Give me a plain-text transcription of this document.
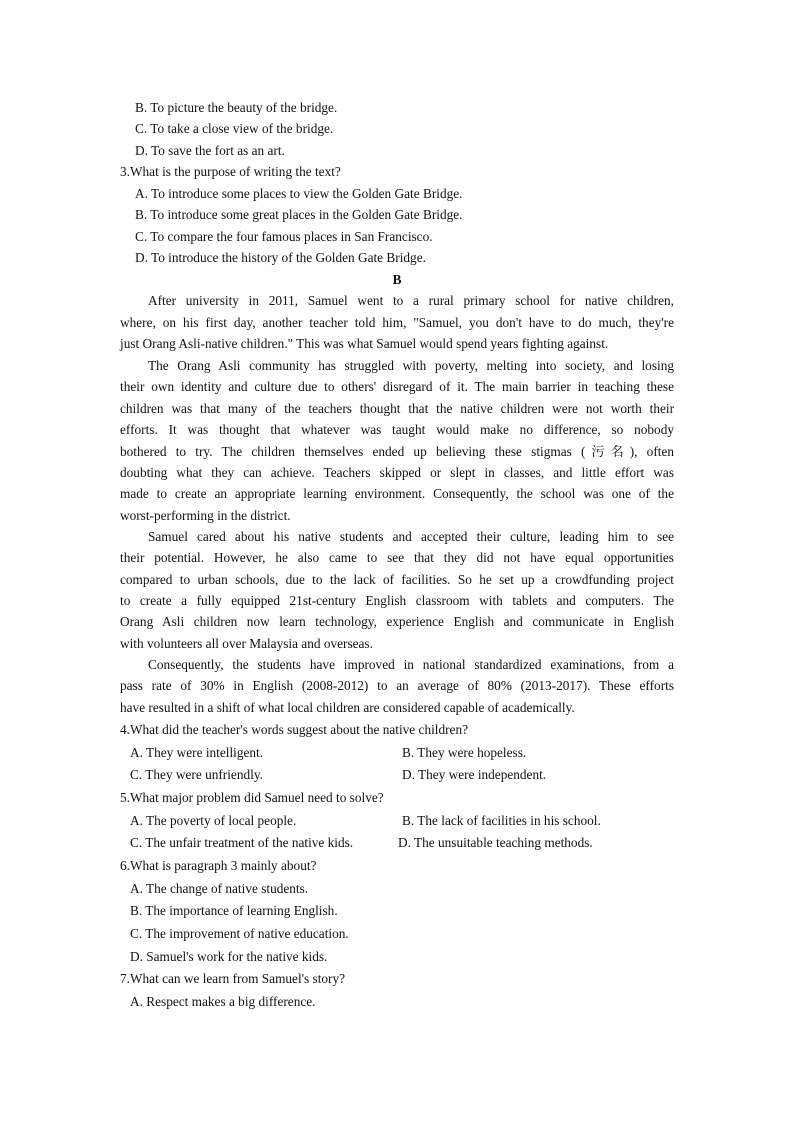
B. To picture the beauty of the bridge.
C. To take a close view of the bridge.
D. To save the fort as an art.
3.What is the purpose of writing the text?
A. To introduce some places to view the Golden Gate Bridge.
B. To introduce some great places in the Golden Gate Bridge.
C. To compare the four famous places in San Francisco.
D. To introduce the history of the Golden Gate Bridge.
B
After university in 2011, Samuel went to a rural primary school for native children,
where, on his first day, another teacher told him, "Samuel, you don't have to do much, they're
just Orang Asli-native children." This was what Samuel would spend years fighting against.
The Orang Asli community has struggled with poverty, melting into society, and losing
their own identity and culture due to others' disregard of it. The main barrier in teaching these
children was that many of the teachers thought that the native children were not worth their
efforts. It was thought that whatever was taught would make no difference, so nobody
bothered to try. The children themselves ended up believing these stigmas (污名), often
doubting what they can achieve. Teachers skipped or slept in classes, and little effort was
made to create an appropriate learning environment. Consequently, the school was one of the
worst-performing in the district.
Samuel cared about his native students and accepted their culture, leading him to see
their potential. However, he also came to see that they did not have equal opportunities
compared to urban schools, due to the lack of facilities. So he set up a crowdfunding project
to create a fully equipped 21st-century English classroom with tablets and computers. The
Orang Asli children now learn technology, experience English and communicate in English
with volunteers all over Malaysia and overseas.
Consequently, the students have improved in national standardized examinations, from a
pass rate of 30% in English (2008-2012) to an average of 80% (2013-2017). These efforts
have resulted in a shift of what local children are considered capable of academically.
4.What did the teacher's words suggest about the native children?
A. They were intelligent.	B. They were hopeless.
C. They were unfriendly.	D. They were independent.
5.What major problem did Samuel need to solve?
A. The poverty of local people.	B. The lack of facilities in his school.
C. The unfair treatment of the native kids.	D. The unsuitable teaching methods.
6.What is paragraph 3 mainly about?
A. The change of native students.
B. The importance of learning English.
C. The improvement of native education.
D. Samuel's work for the native kids.
7.What can we learn from Samuel's story?
A. Respect makes a big difference.
